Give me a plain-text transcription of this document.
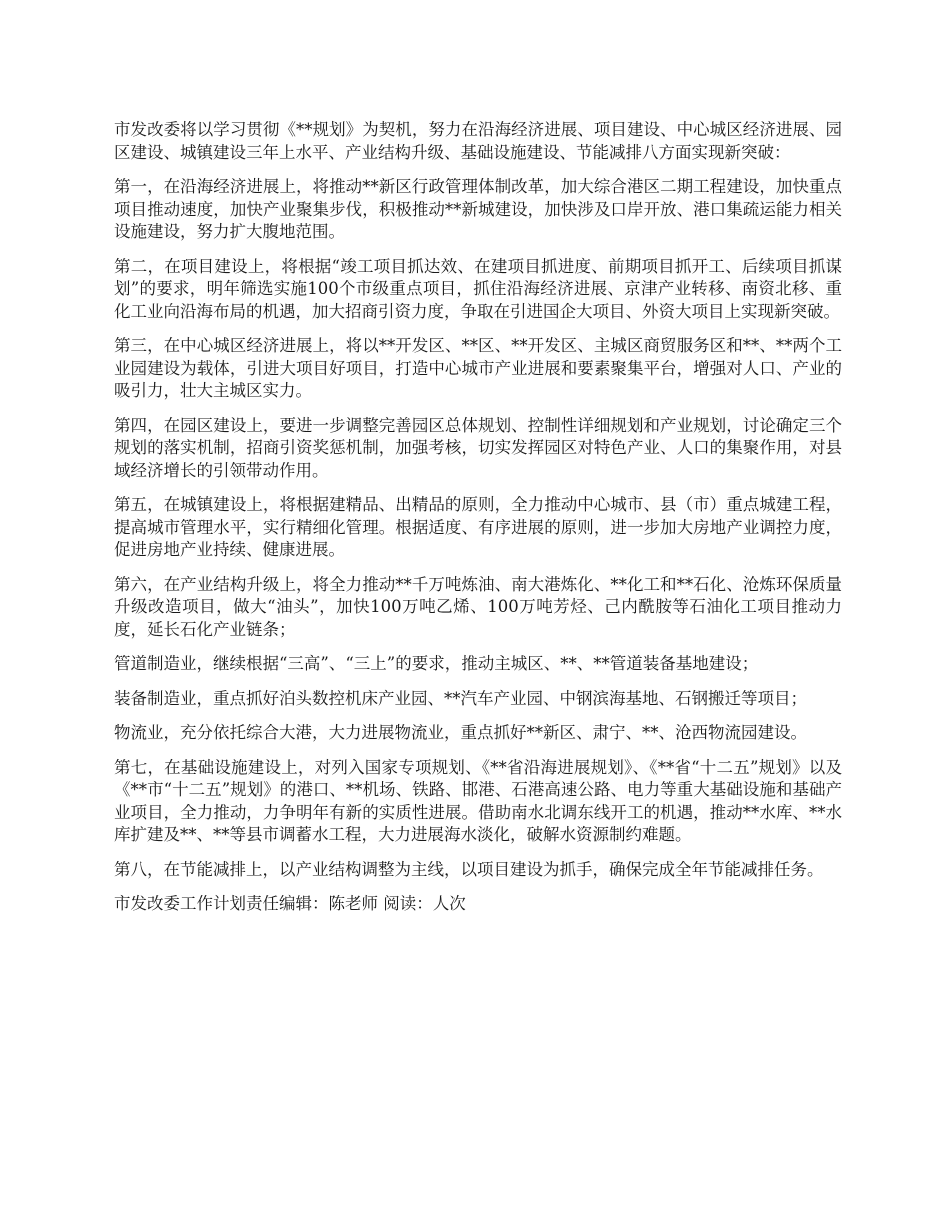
市发改委将以学习贯彻《**规划》为契机，努力在沿海经济进展、项目建设、中心城区经济进展、园区建设、城镇建设三年上水平、产业结构升级、基础设施建设、节能减排八方面实现新突破：

第一，在沿海经济进展上，将推动**新区行政管理体制改革，加大综合港区二期工程建设，加快重点项目推动速度，加快产业聚集步伐，积极推动**新城建设，加快涉及口岸开放、港口集疏运能力相关设施建设，努力扩大腹地范围。

第二，在项目建设上，将根据“竣工项目抓达效、在建项目抓进度、前期项目抓开工、后续项目抓谋划”的要求，明年筛选实施100个市级重点项目，抓住沿海经济进展、京津产业转移、南资北移、重化工业向沿海布局的机遇，加大招商引资力度，争取在引进国企大项目、外资大项目上实现新突破。

第三，在中心城区经济进展上，将以**开发区、**区、**开发区、主城区商贸服务区和**、**两个工业园建设为载体，引进大项目好项目，打造中心城市产业进展和要素聚集平台，增强对人口、产业的吸引力，壮大主城区实力。

第四，在园区建设上，要进一步调整完善园区总体规划、控制性详细规划和产业规划，讨论确定三个规划的落实机制，招商引资奖惩机制，加强考核，切实发挥园区对特色产业、人口的集聚作用，对县域经济增长的引领带动作用。

第五，在城镇建设上，将根据建精品、出精品的原则，全力推动中心城市、县（市）重点城建工程，提高城市管理水平，实行精细化管理。根据适度、有序进展的原则，进一步加大房地产业调控力度，促进房地产业持续、健康进展。

第六，在产业结构升级上，将全力推动**千万吨炼油、南大港炼化、**化工和**石化、沧炼环保质量升级改造项目，做大“油头”，加快100万吨乙烯、100万吨芳烃、己内酰胺等石油化工项目推动力度，延长石化产业链条；

管道制造业，继续根据“三高”、“三上”的要求，推动主城区、**、**管道装备基地建设；

装备制造业，重点抓好泊头数控机床产业园、**汽车产业园、中钢滨海基地、石钢搬迁等项目；

物流业，充分依托综合大港，大力进展物流业，重点抓好**新区、肃宁、**、沧西物流园建设。

第七，在基础设施建设上，对列入国家专项规划、《**省沿海进展规划》、《**省“十二五”规划》以及《**市“十二五”规划》的港口、**机场、铁路、邯港、石港高速公路、电力等重大基础设施和基础产业项目，全力推动，力争明年有新的实质性进展。借助南水北调东线开工的机遇，推动**水库、**水库扩建及**、**等县市调蓄水工程，大力进展海水淡化，破解水资源制约难题。

第八，在节能减排上，以产业结构调整为主线，以项目建设为抓手，确保完成全年节能减排任务。

市发改委工作计划责任编辑：陈老师 阅读：人次
